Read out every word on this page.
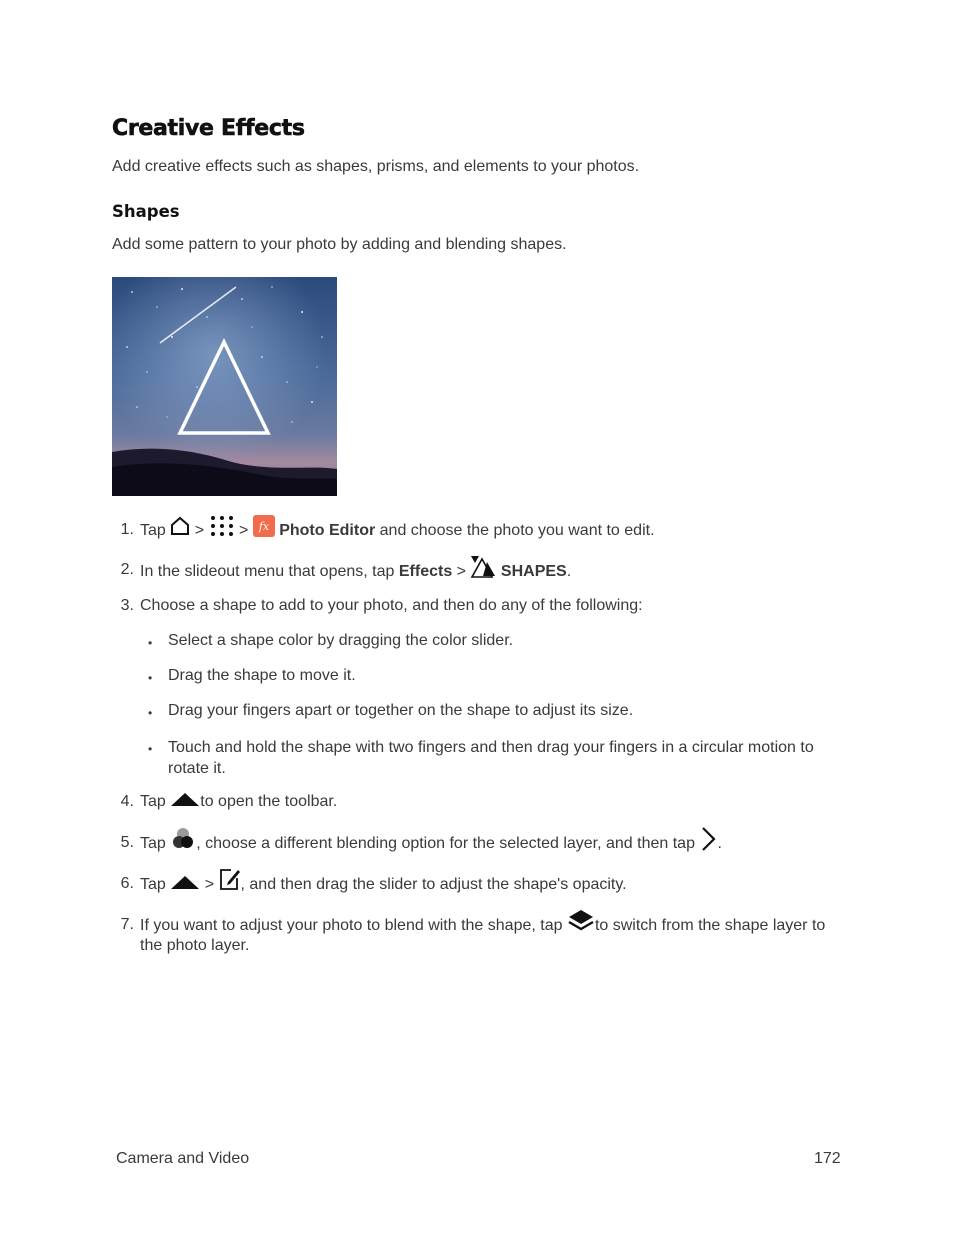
Creative Effects

Add creative effects such as shapes, prisms, and elements to your photos.

Shapes

Add some pattern to your photo by adding and blending shapes.

1. Tap > > fx Photo Editor and choose the photo you want to edit.
2. In the slideout menu that opens, tap Effects > SHAPES.
3. Choose a shape to add to your photo, and then do any of the following:
• Select a shape color by dragging the color slider.
• Drag the shape to move it.
• Drag your fingers apart or together on the shape to adjust its size.
• Touch and hold the shape with two fingers and then drag your fingers in a circular motion to rotate it.
4. Tap to open the toolbar.
5. Tap , choose a different blending option for the selected layer, and then tap .
6. Tap > , and then drag the slider to adjust the shape's opacity.
7. If you want to adjust your photo to blend with the shape, tap to switch from the shape layer to
the photo layer.
Camera and Video	172
